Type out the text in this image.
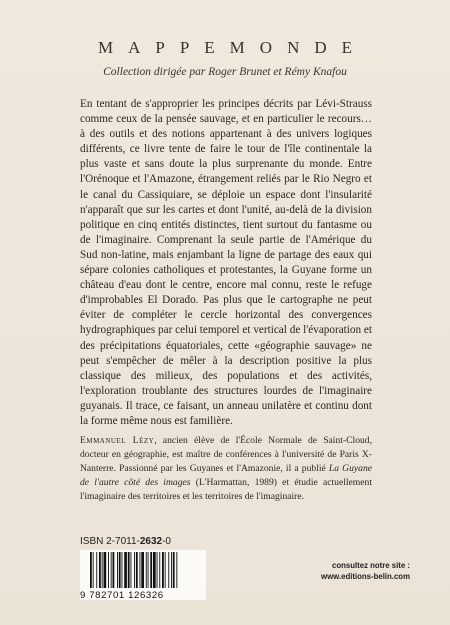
MAPPEMONDE
Collection dirigée par Roger Brunet et Rémy Knafou
En tentant de s'approprier les principes décrits par Lévi-Strauss comme ceux de la pensée sauvage, et en particulier le recours… à des outils et des notions appartenant à des univers logiques différents, ce livre tente de faire le tour de l'île continentale la plus vaste et sans doute la plus surprenante du monde. Entre l'Orénoque et l'Amazone, étrangement reliés par le Rio Negro et le canal du Cassiquiare, se déploie un espace dont l'insularité n'apparaît que sur les cartes et dont l'unité, au-delà de la division politique en cinq entités distinctes, tient surtout du fantasme ou de l'imaginaire. Comprenant la seule partie de l'Amérique du Sud non-latine, mais enjambant la ligne de partage des eaux qui sépare colonies catholiques et protestantes, la Guyane forme un château d'eau dont le centre, encore mal connu, reste le refuge d'improbables El Dorado. Pas plus que le cartographe ne peut éviter de compléter le cercle horizontal des convergences hydrographiques par celui temporel et vertical de l'évaporation et des précipitations équatoriales, cette «géographie sauvage» ne peut s'empêcher de mêler à la description positive la plus classique des milieux, des populations et des activités, l'exploration troublante des structures lourdes de l'imaginaire guyanais. Il trace, ce faisant, un anneau unilatère et continu dont la forme même nous est familière.
Emmanuel Lézy, ancien élève de l'École Normale de Saint-Cloud, docteur en géographie, est maître de conférences à l'université de Paris X-Nanterre. Passionné par les Guyanes et l'Amazonie, il a publié La Guyane de l'autre côté des images (L'Harmattan, 1989) et étudie actuellement l'imaginaire des territoires et les territoires de l'imaginaire.
ISBN 2-7011-2632-0
9 782701 126326
consultez notre site :
www.editions-belin.com
